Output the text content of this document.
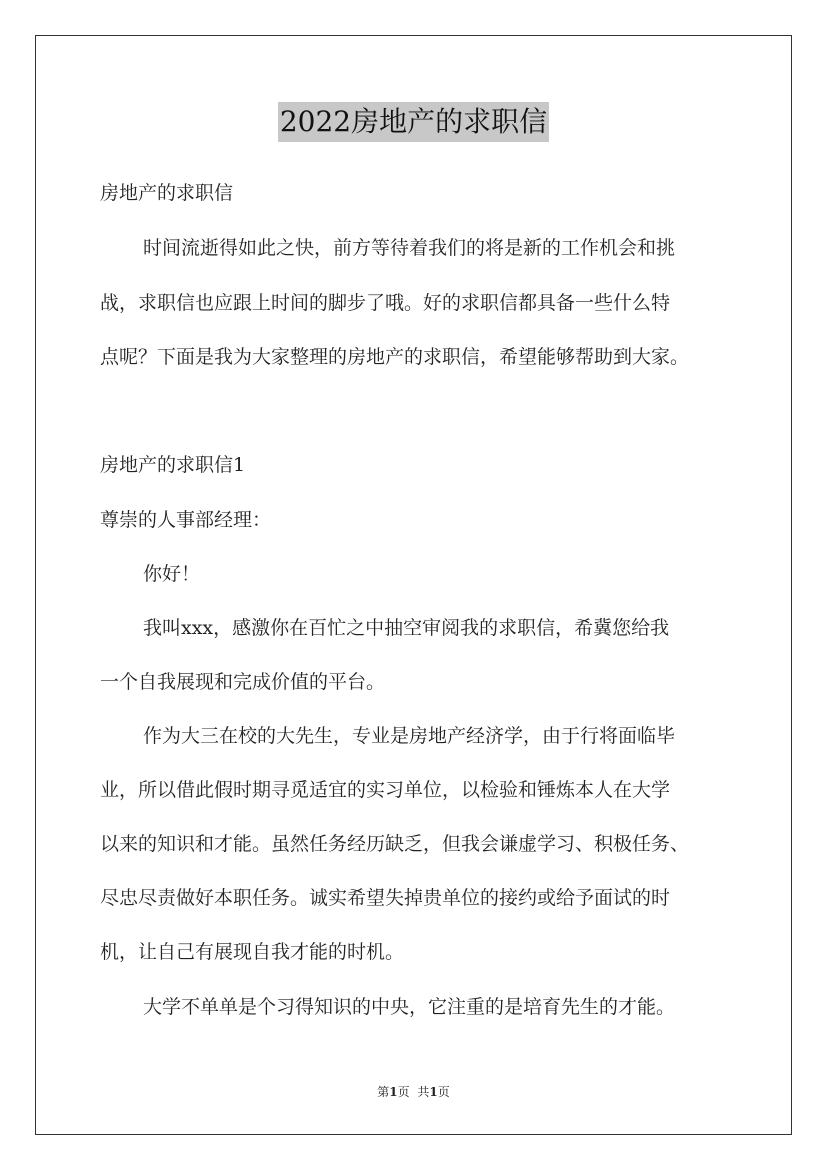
2022房地产的求职信
房地产的求职信
时间流逝得如此之快，前方等待着我们的将是新的工作机会和挑
战，求职信也应跟上时间的脚步了哦。好的求职信都具备一些什么特
点呢？下面是我为大家整理的房地产的求职信，希望能够帮助到大家。
房地产的求职信1
尊崇的人事部经理：
你好！
我叫xxx，感激你在百忙之中抽空审阅我的求职信，希冀您给我
一个自我展现和完成价值的平台。
作为大三在校的大先生，专业是房地产经济学，由于行将面临毕
业，所以借此假时期寻觅适宜的实习单位，以检验和锤炼本人在大学
以来的知识和才能。虽然任务经历缺乏，但我会谦虚学习、积极任务、
尽忠尽责做好本职任务。诚实希望失掉贵单位的接约或给予面试的时
机，让自己有展现自我才能的时机。
大学不单单是个习得知识的中央，它注重的是培育先生的才能。
第1页 共1页
